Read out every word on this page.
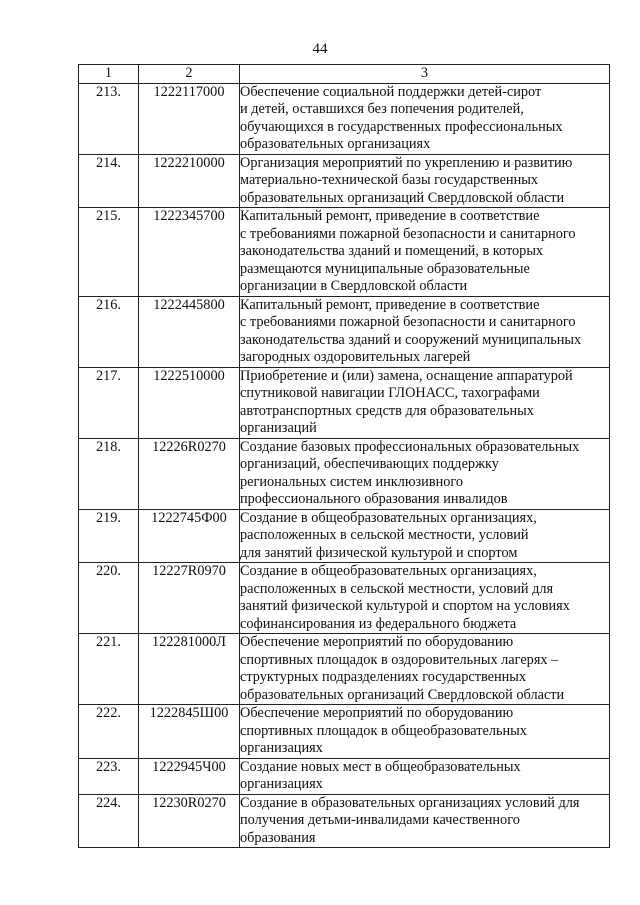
44
1	2	3
213.	1222117000	Обеспечение социальной поддержки детей-сирот
и детей, оставшихся без попечения родителей,
обучающихся в государственных профессиональных
образовательных организациях

214.	1222210000	Организация мероприятий по укреплению и развитию
материально-технической базы государственных
образовательных организаций Свердловской области

215.	1222345700	Капитальный ремонт, приведение в соответствие
с требованиями пожарной безопасности и санитарного
законодательства зданий и помещений, в которых
размещаются муниципальные образовательные
организации в Свердловской области

216.	1222445800	Капитальный ремонт, приведение в соответствие
с требованиями пожарной безопасности и санитарного
законодательства зданий и сооружений муниципальных
загородных оздоровительных лагерей

217.	1222510000	Приобретение и (или) замена, оснащение аппаратурой
спутниковой навигации ГЛОНАСС, тахографами
автотранспортных средств для образовательных
организаций

218.	12226R0270	Создание базовых профессиональных образовательных
организаций, обеспечивающих поддержку
региональных систем инклюзивного
профессионального образования инвалидов

219.	1222745Ф00	Создание в общеобразовательных организациях,
расположенных в сельской местности, условий
для занятий физической культурой и спортом

220.	12227R0970	Создание в общеобразовательных организациях,
расположенных в сельской местности, условий для
занятий физической культурой и спортом на условиях
софинансирования из федерального бюджета

221.	122281000Л	Обеспечение мероприятий по оборудованию
спортивных площадок в оздоровительных лагерях –
структурных подразделениях государственных
образовательных организаций Свердловской области

222.	1222845Ш00	Обеспечение мероприятий по оборудованию
спортивных площадок в общеобразовательных
организациях

223.	1222945Ч00	Создание новых мест в общеобразовательных
организациях

224.	12230R0270	Создание в образовательных организациях условий для
получения детьми-инвалидами качественного
образования
